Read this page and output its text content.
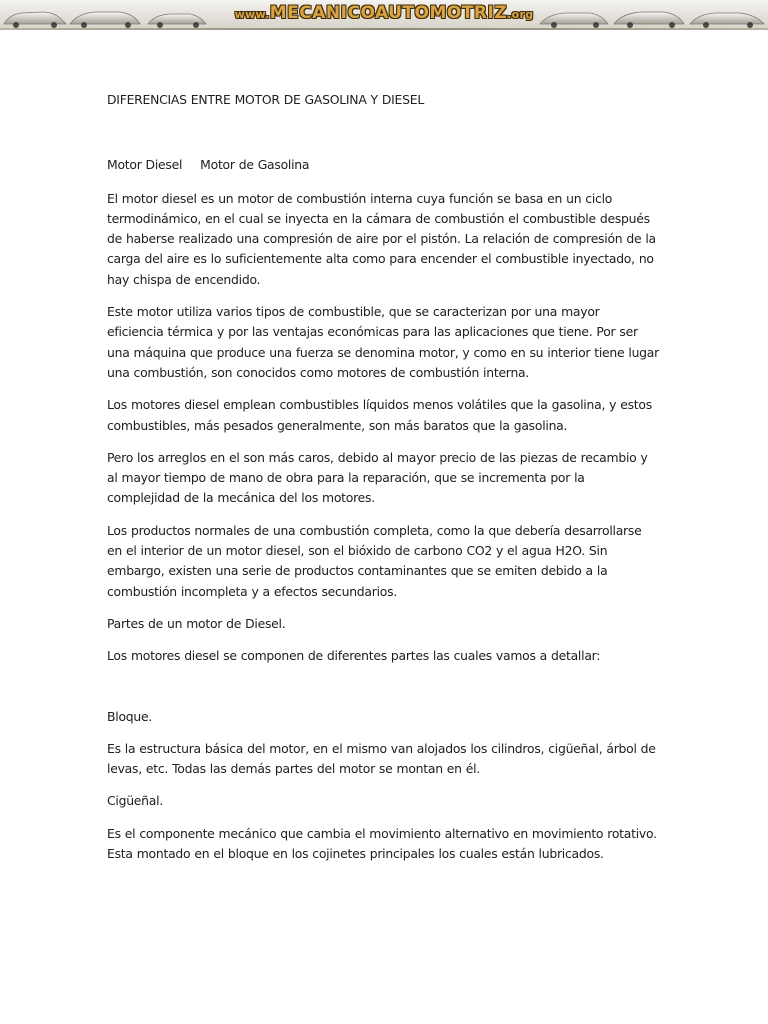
www.MECANICOAUTOMOTRIZ.org

DIFERENCIAS ENTRE MOTOR DE GASOLINA Y DIESEL

Motor Diesel Motor de Gasolina

El motor diesel es un motor de combustión interna cuya función se basa en un ciclo termodinámico, en el cual se inyecta en la cámara de combustión el combustible después de haberse realizado una compresión de aire por el pistón. La relación de compresión de la carga del aire es lo suficientemente alta como para encender el combustible inyectado, no hay chispa de encendido.

Este motor utiliza varios tipos de combustible, que se caracterizan por una mayor eficiencia térmica y por las ventajas económicas para las aplicaciones que tiene. Por ser una máquina que produce una fuerza se denomina motor, y como en su interior tiene lugar una combustión, son conocidos como motores de combustión interna.

Los motores diesel emplean combustibles líquidos menos volátiles que la gasolina, y estos combustibles, más pesados generalmente, son más baratos que la gasolina.

Pero los arreglos en el son más caros, debido al mayor precio de las piezas de recambio y al mayor tiempo de mano de obra para la reparación, que se incrementa por la complejidad de la mecánica del los motores.

Los productos normales de una combustión completa, como la que debería desarrollarse en el interior de un motor diesel, son el bióxido de carbono CO2 y el agua H2O. Sin embargo, existen una serie de productos contaminantes que se emiten debido a la combustión incompleta y a efectos secundarios.

Partes de un motor de Diesel.

Los motores diesel se componen de diferentes partes las cuales vamos a detallar:

Bloque.

Es la estructura básica del motor, en el mismo van alojados los cilindros, cigüeñal, árbol de levas, etc. Todas las demás partes del motor se montan en él.

Cigüeñal.

Es el componente mecánico que cambia el movimiento alternativo en movimiento rotativo. Esta montado en el bloque en los cojinetes principales los cuales están lubricados.
